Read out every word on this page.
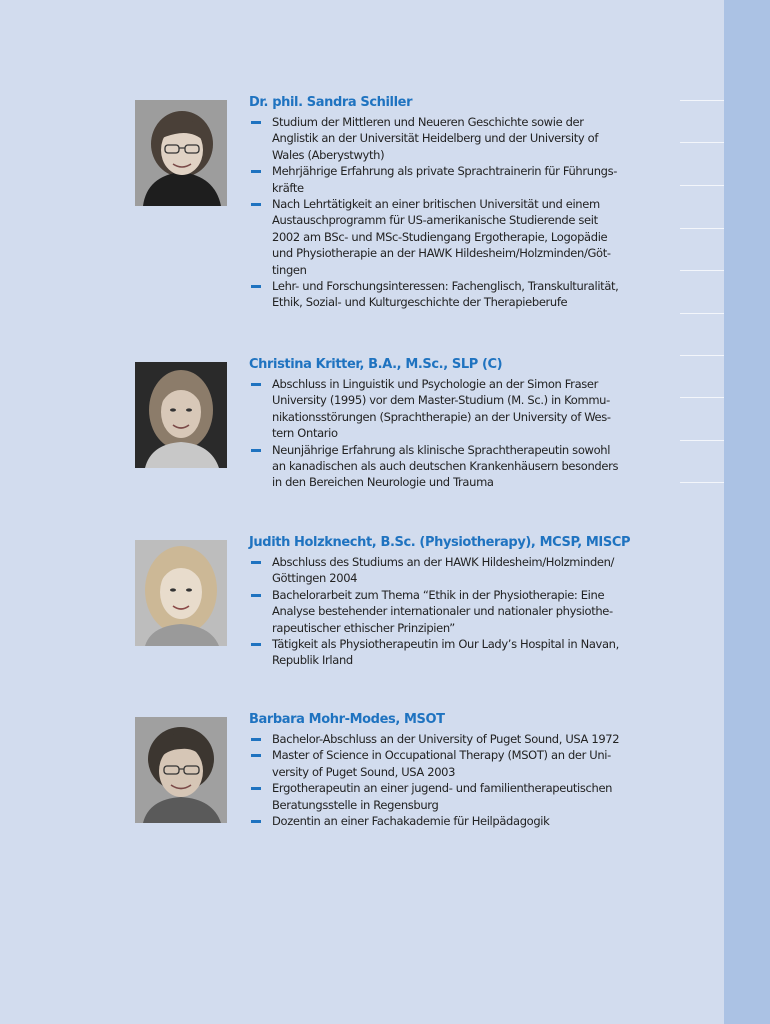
Dr. phil. Sandra Schiller
Studium der Mittleren und Neueren Geschichte sowie der
Anglistik an der Universität Heidelberg und der University of
Wales (Aberystwyth)
Mehrjährige Erfahrung als private Sprachtrainerin für Führungs-
kräfte
Nach Lehrtätigkeit an einer britischen Universität und einem
Austauschprogramm für US-amerikanische Studierende seit
2002 am BSc- und MSc-Studiengang Ergotherapie, Logopädie
und Physiotherapie an der HAWK Hildesheim/Holzminden/Göt-
tingen
Lehr- und Forschungsinteressen: Fachenglisch, Transkulturalität,
Ethik, Sozial- und Kulturgeschichte der Therapieberufe
Christina Kritter, B.A., M.Sc., SLP (C)
Abschluss in Linguistik und Psychologie an der Simon Fraser
University (1995) vor dem Master-Studium (M. Sc.) in Kommu-
nikationsstörungen (Sprachtherapie) an der University of Wes-
tern Ontario
Neunjährige Erfahrung als klinische Sprachtherapeutin sowohl
an kanadischen als auch deutschen Krankenhäusern besonders
in den Bereichen Neurologie und Trauma
Judith Holzknecht, B.Sc. (Physiotherapy), MCSP, MISCP
Abschluss des Studiums an der HAWK Hildesheim/Holzminden/
Göttingen 2004
Bachelorarbeit zum Thema “Ethik in der Physiotherapie: Eine
Analyse bestehender internationaler und nationaler physiothe-
rapeutischer ethischer Prinzipien”
Tätigkeit als Physiotherapeutin im Our Lady’s Hospital in Navan,
Republik Irland
Barbara Mohr-Modes, MSOT
Bachelor-Abschluss an der University of Puget Sound, USA 1972
Master of Science in Occupational Therapy (MSOT) an der Uni-
versity of Puget Sound, USA 2003
Ergotherapeutin an einer jugend- und familientherapeutischen
Beratungsstelle in Regensburg
Dozentin an einer Fachakademie für Heilpädagogik
